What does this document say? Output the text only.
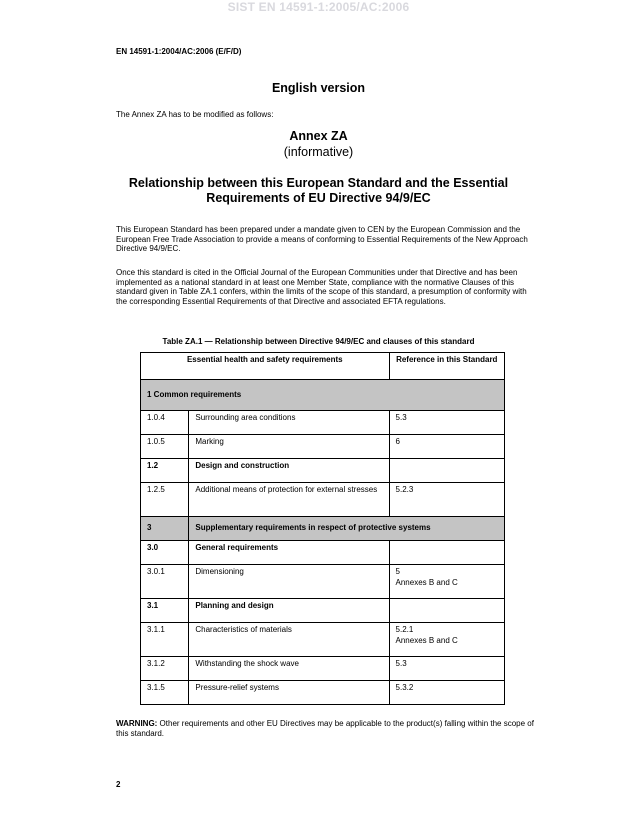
SIST EN 14591-1:2005/AC:2006
EN 14591-1:2004/AC:2006 (E/F/D)
English version
The Annex ZA has to be modified as follows:
Annex ZA
(informative)
Relationship between this European Standard and the Essential
Requirements of EU Directive 94/9/EC
This European Standard has been prepared under a mandate given to CEN by the European Commission and the European Free Trade Association to provide a means of conforming to Essential Requirements of the New Approach Directive 94/9/EC.
Once this standard is cited in the Official Journal of the European Communities under that Directive and has been implemented as a national standard in at least one Member State, compliance with the normative Clauses of this standard given in Table ZA.1 confers, within the limits of the scope of this standard, a presumption of conformity with the corresponding Essential Requirements of that Directive and associated EFTA regulations.
Table ZA.1 — Relationship between Directive 94/9/EC and clauses of this standard
Essential health and safety requirements		Reference in this Standard
1 Common requirements		
1.0.4	Surrounding area conditions	5.3
1.0.5	Marking	6
1.2	Design and construction	
1.2.5	Additional means of protection for external stresses	5.2.3
3	Supplementary requirements in respect of protective systems	
3.0	General requirements	
3.0.1	Dimensioning	5
Annexes B and C

3.1	Planning and design	
3.1.1	Characteristics of materials	5.2.1
Annexes B and C

3.1.2	Withstanding the shock wave	5.3
3.1.5	Pressure-relief systems	5.3.2
WARNING: Other requirements and other EU Directives may be applicable to the product(s) falling within the scope of this standard.
2
